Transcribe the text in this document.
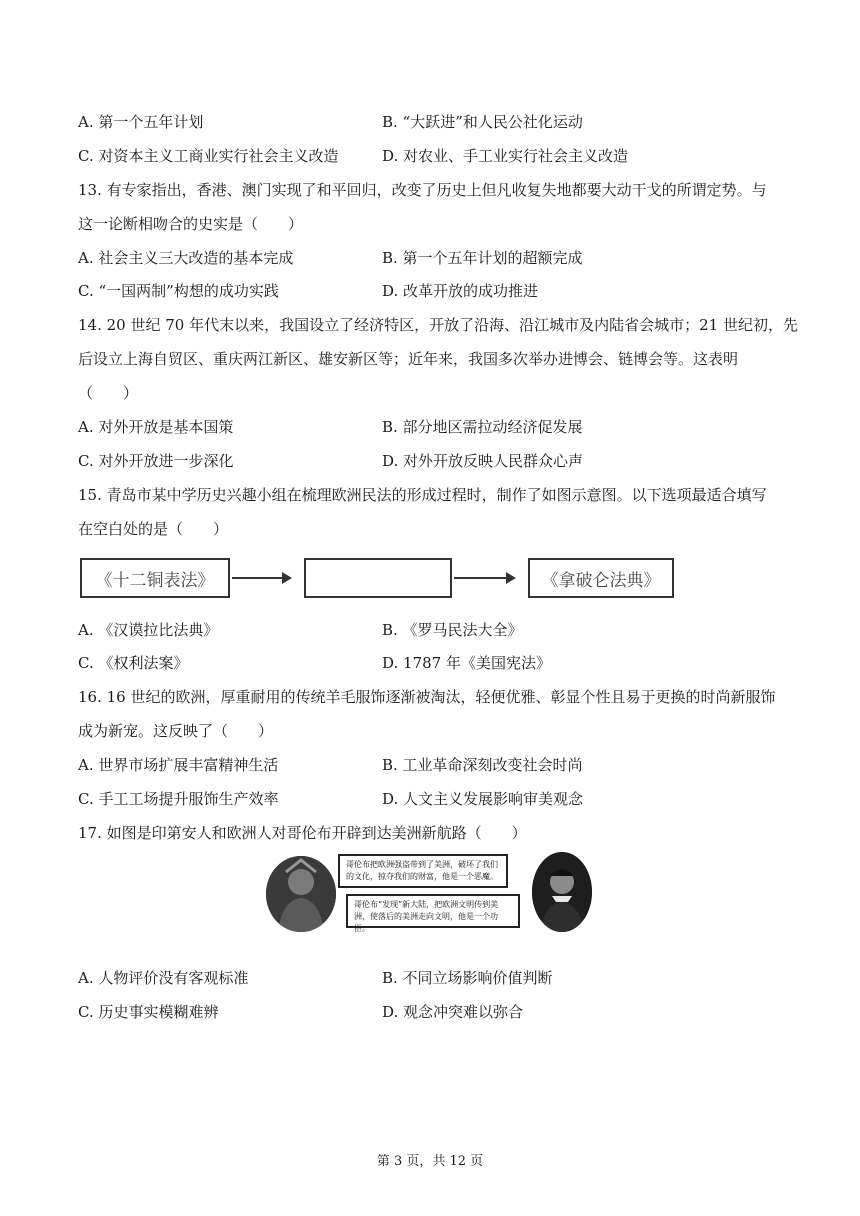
A. 第一个五年计划	B. “大跃进”和人民公社化运动
C. 对资本主义工商业实行社会主义改造	D. 对农业、手工业实行社会主义改造
13. 有专家指出，香港、澳门实现了和平回归，改变了历史上但凡收复失地都要大动干戈的所谓定势。与
这一论断相吻合的史实是（　　）
A. 社会主义三大改造的基本完成	B. 第一个五年计划的超额完成
C. “一国两制”构想的成功实践	D. 改革开放的成功推进
14. 20 世纪 70 年代末以来，我国设立了经济特区，开放了沿海、沿江城市及内陆省会城市；21 世纪初，先
后设立上海自贸区、重庆两江新区、雄安新区等；近年来，我国多次举办进博会、链博会等。这表明
（　　）
A. 对外开放是基本国策	B. 部分地区需拉动经济促发展
C. 对外开放进一步深化	D. 对外开放反映人民群众心声
15. 青岛市某中学历史兴趣小组在梳理欧洲民法的形成过程时，制作了如图示意图。以下选项最适合填写
在空白处的是（　　）
《十二铜表法》	《拿破仑法典》
A. 《汉谟拉比法典》	B. 《罗马民法大全》
C. 《权利法案》	D. 1787 年《美国宪法》
16. 16 世纪的欧洲，厚重耐用的传统羊毛服饰逐渐被淘汰，轻便优雅、彰显个性且易于更换的时尚新服饰
成为新宠。这反映了（　　）
A. 世界市场扩展丰富精神生活	B. 工业革命深刻改变社会时尚
C. 手工工场提升服饰生产效率	D. 人文主义发展影响审美观念
17. 如图是印第安人和欧洲人对哥伦布开辟到达美洲新航路（　　）
哥伦布把欧洲强盗带到了美洲，破坏了我们的文化，掠夺我们的财富，他是一个恶魔。
哥伦布“发现”新大陆，把欧洲文明传到美洲，使落后的美洲走向文明，他是一个功臣。
A. 人物评价没有客观标准	B. 不同立场影响价值判断
C. 历史事实模糊难辨	D. 观念冲突难以弥合
第 3 页，共 12 页
